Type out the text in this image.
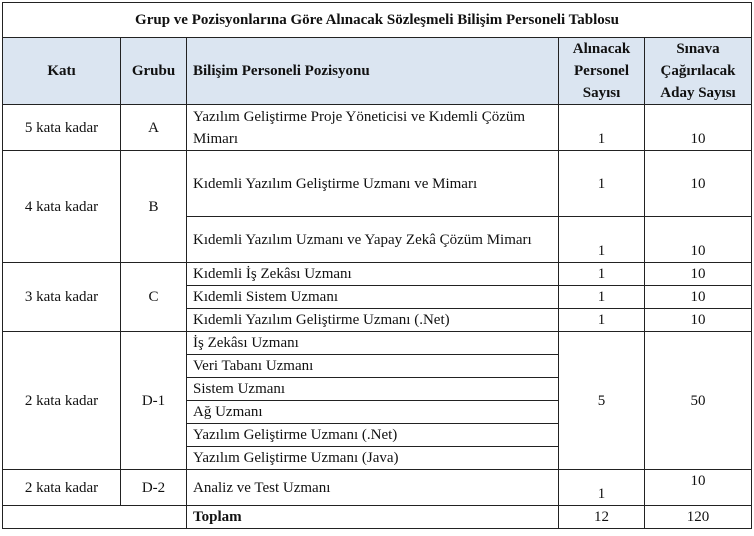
Grup ve Pozisyonlarına Göre Alınacak Sözleşmeli Bilişim Personeli Tablosu				
Katı	Grubu	Bilişim Personeli Pozisyonu	Alınacak Personel Sayısı	Sınava Çağırılacak Aday Sayısı
5 kata kadar	A	Yazılım Geliştirme Proje Yöneticisi ve Kıdemli Çözüm Mimarı	1	10
4 kata kadar	B	Kıdemli Yazılım Geliştirme Uzmanı ve Mimarı	1	10
		Kıdemli Yazılım Uzmanı ve Yapay Zekâ Çözüm Mimarı	1	10
3 kata kadar	C	Kıdemli İş Zekâsı Uzmanı	1	10
		Kıdemli Sistem Uzmanı	1	10
		Kıdemli Yazılım Geliştirme Uzmanı (.Net)	1	10
2 kata kadar	D-1	İş Zekâsı Uzmanı	5	50
		Veri Tabanı Uzmanı		
		Sistem Uzmanı		
		Ağ Uzmanı		
		Yazılım Geliştirme Uzmanı (.Net)		
		Yazılım Geliştirme Uzmanı (Java)		
2 kata kadar	D-2	Analiz ve Test Uzmanı	1	10
		Toplam	12	120
